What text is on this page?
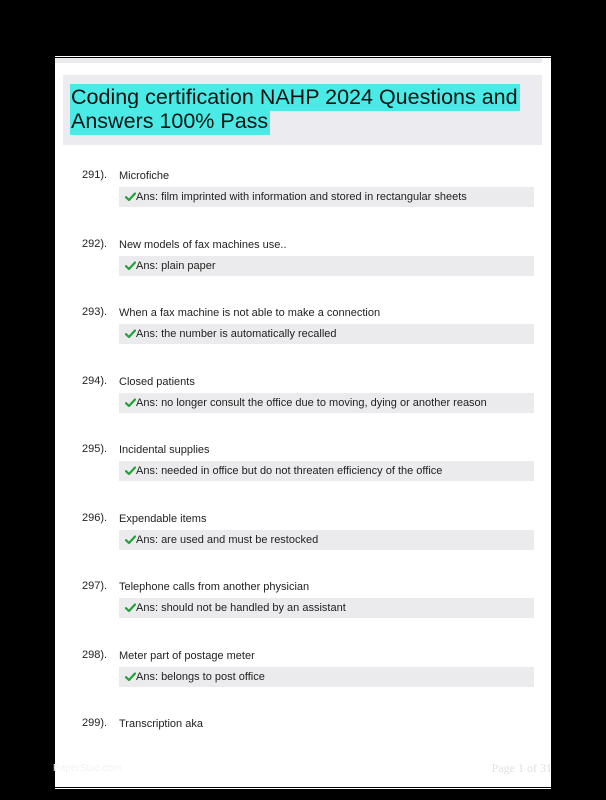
Coding certification NAHP 2024 Questions and Answers 100% Pass
291). Microfiche
Ans: film imprinted with information and stored in rectangular sheets
292). New models of fax machines use..
Ans: plain paper
293). When a fax machine is not able to make a connection
Ans: the number is automatically recalled
294). Closed patients
Ans: no longer consult the office due to moving, dying or another reason
295). Incidental supplies
Ans: needed in office but do not threaten efficiency of the office
296). Expendable items
Ans: are used and must be restocked
297). Telephone calls from another physician
Ans: should not be handled by an assistant
298). Meter part of postage meter
Ans: belongs to post office
299). Transcription aka
PaperStoc.com	Page 1 of 31
